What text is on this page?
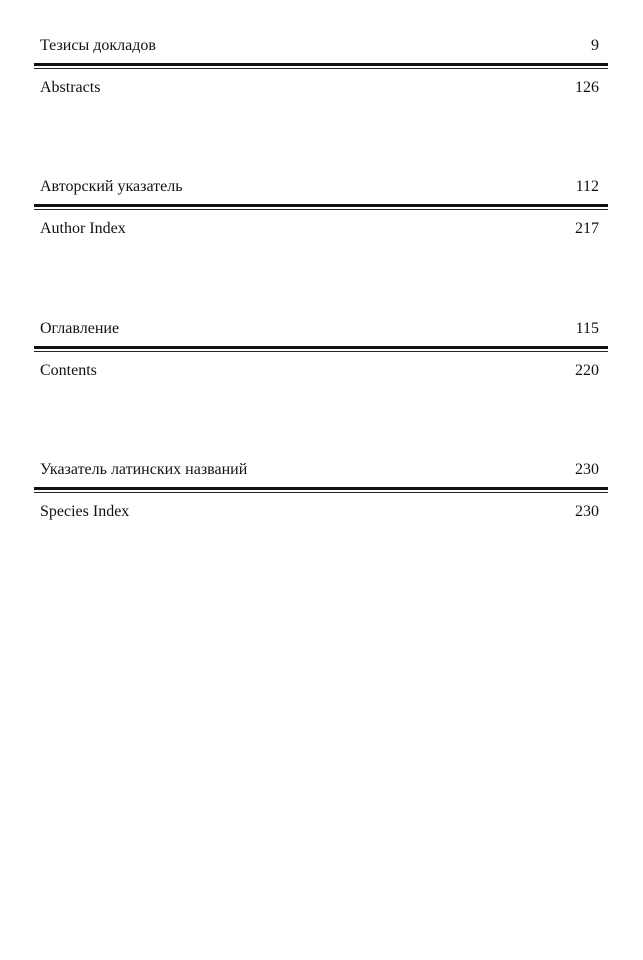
Тезисы докладов	9
Abstracts	126
Авторский указатель	112
Author Index	217
Оглавление	115
Contents	220
Указатель латинских названий	230
Species Index	230
